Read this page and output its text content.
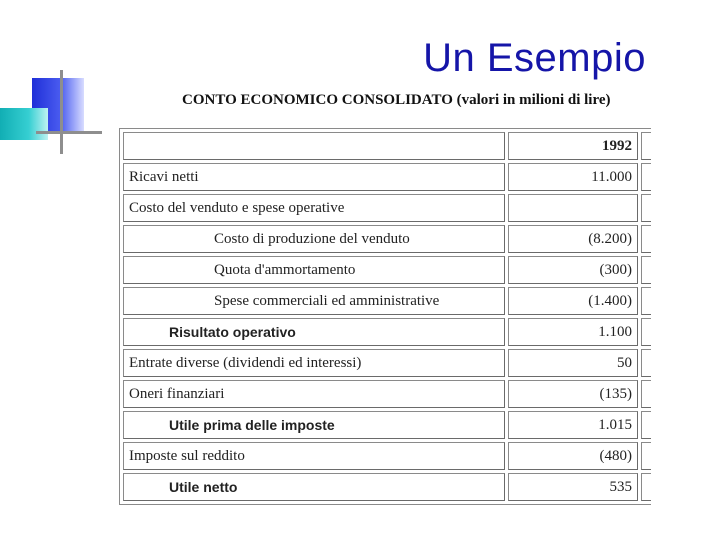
Un Esempio
CONTO ECONOMICO CONSOLIDATO (valori in milioni di lire)
	1992	
Ricavi netti	11.000	
Costo del venduto e spese operative		
Costo di produzione del venduto	(8.200)	
Quota d'ammortamento	(300)	
Spese commerciali ed amministrative	(1.400)	
Risultato operativo	1.100	
Entrate diverse (dividendi ed interessi)	50	
Oneri finanziari	(135)	
Utile prima delle imposte	1.015	
Imposte sul reddito	(480)	
Utile netto	535	
